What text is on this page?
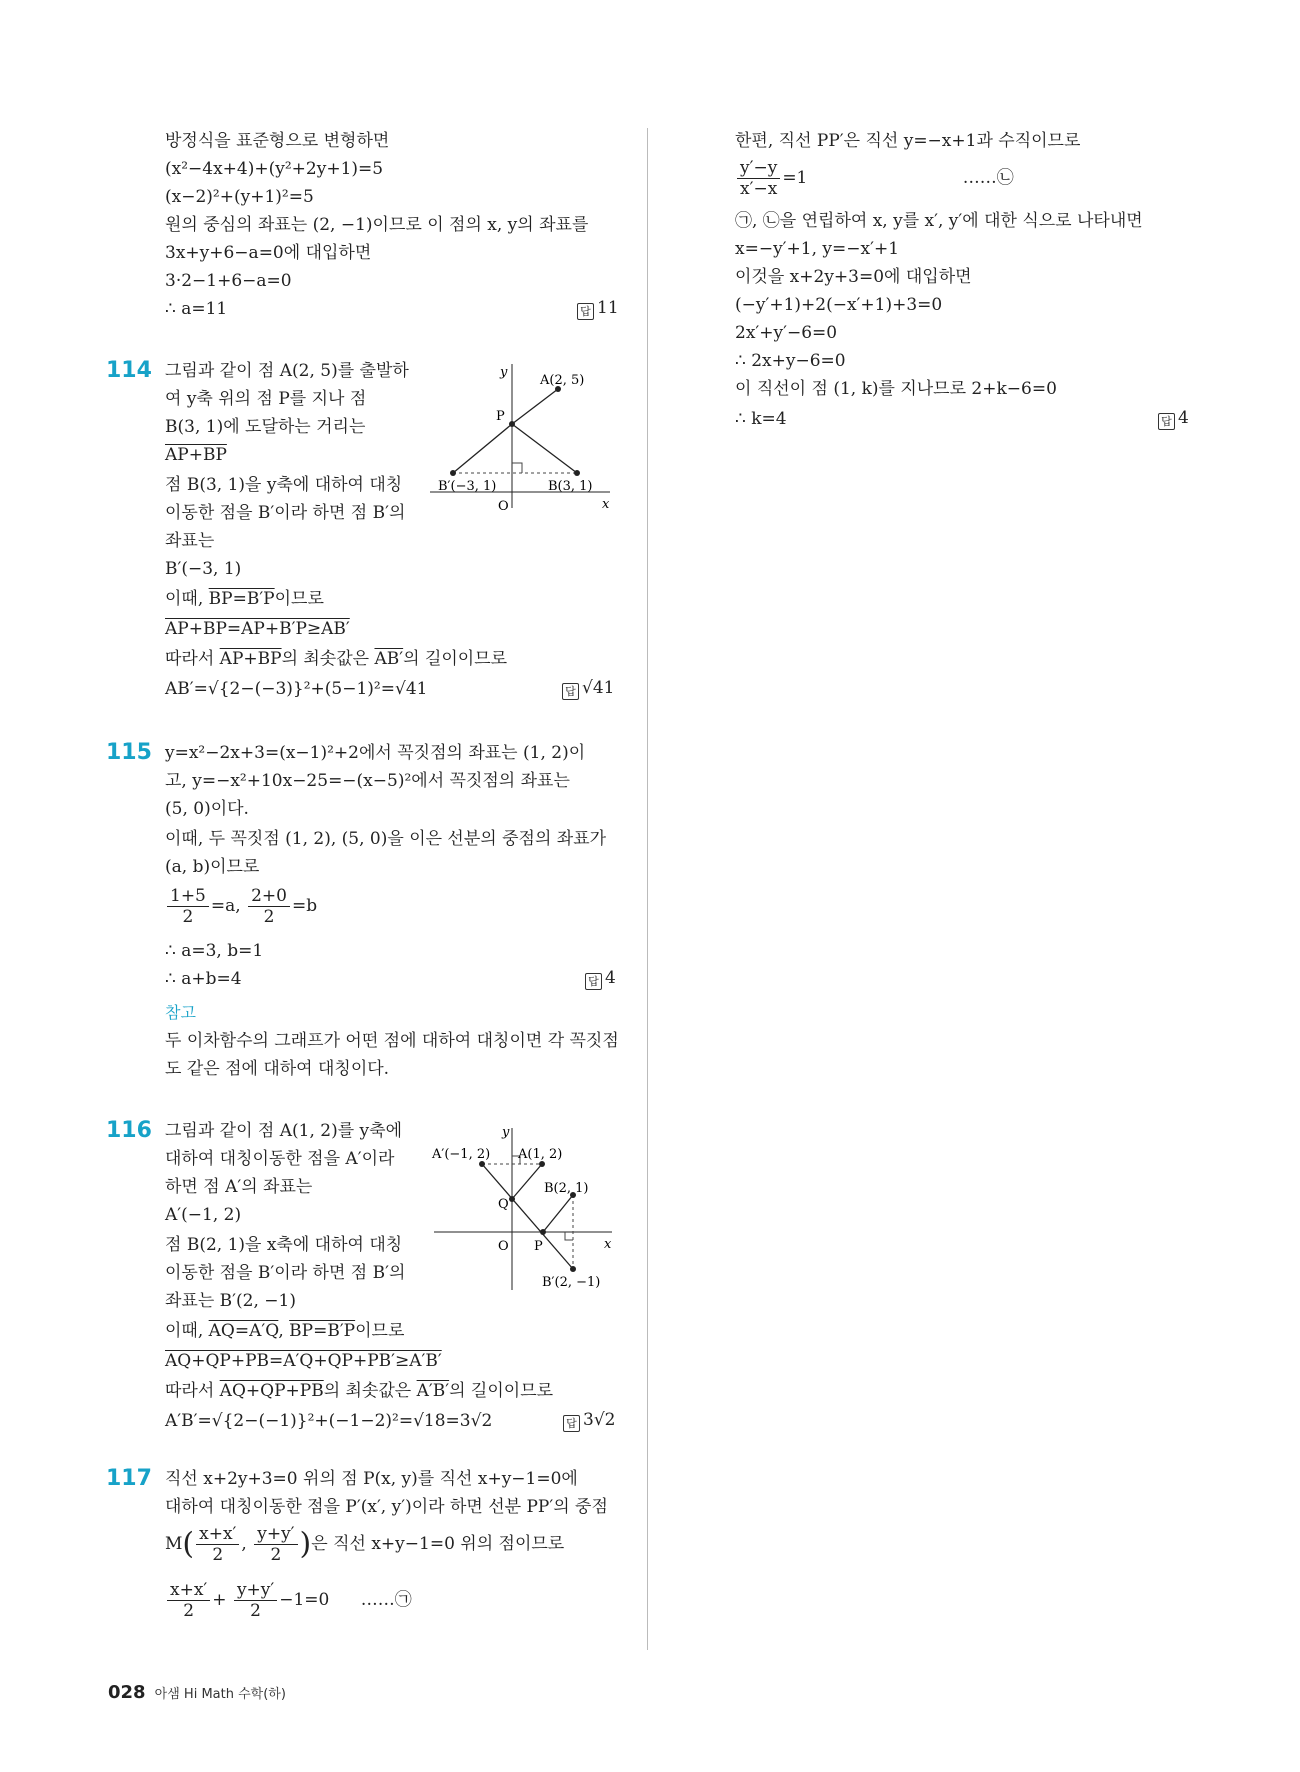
방정식을 표준형으로 변형하면
(x²−4x+4)+(y²+2y+1)=5
(x−2)²+(y+1)²=5
원의 중심의 좌표는 (2, −1)이므로 이 점의 x, y의 좌표를
3x+y+6−a=0에 대입하면
3·2−1+6−a=0
∴ a=11	답 11
114 그림과 같이 점 A(2, 5)를 출발하
여 y축 위의 점 P를 지나 점
B(3, 1)에 도달하는 거리는
AP+BP
점 B(3, 1)을 y축에 대하여 대칭
이동한 점을 B′이라 하면 점 B′의
좌표는
B′(−3, 1)
이때, BP=B′P이므로
AP+BP=AP+B′P≥AB′
따라서 AP+BP의 최솟값은 AB′의 길이이므로
AB′=√{2−(−3)}²+(5−1)²=√41	답 √41
y
x
O
A(2, 5)
P
B′(−3, 1)	B(3, 1)
115 y=x²−2x+3=(x−1)²+2에서 꼭짓점의 좌표는 (1, 2)이
고, y=−x²+10x−25=−(x−5)²에서 꼭짓점의 좌표는
(5, 0)이다.
이때, 두 꼭짓점 (1, 2), (5, 0)을 이은 선분의 중점의 좌표가
(a, b)이므로
$\frac{1+5}{2} =a$, $\frac{2+0}{2} =b$
∴ a=3, b=1
∴ a+b=4	답 4
참고
두 이차함수의 그래프가 어떤 점에 대하여 대칭이면 각 꼭짓점
도 같은 점에 대하여 대칭이다.
116 그림과 같이 점 A(1, 2)를 y축에
대하여 대칭이동한 점을 A′이라
하면 점 A′의 좌표는
A′(−1, 2)
점 B(2, 1)을 x축에 대하여 대칭
이동한 점을 B′이라 하면 점 B′의
좌표는 B′(2, −1)
이때, AQ=A′Q, BP=B′P이므로
AQ+QP+PB=A′Q+QP+PB′≥A′B′
따라서 AQ+QP+PB의 최솟값은 A′B′의 길이이므로
A′B′=√{2−(−1)}²+(−1−2)²=√18=3√2	답 3√2
y
x
O
A′(−1, 2) A(1, 2)
B(2, 1)
Q
P
B′(2, −1)
117 직선 x+2y+3=0 위의 점 P(x, y)를 직선 x+y−1=0에
대하여 대칭이동한 점을 P′(x′, y′)이라 하면 선분 PP′의 중점
$M( \frac{x+x'}{2}$ , $\frac{y+y'}{2}$ )은 직선 x+y−1=0 위의 점이므로
$\frac{x+x'}{2} + \frac{y+y'}{2} -1=0$ ……㉠
한편, 직선 PP′은 직선 y=−x+1과 수직이므로
$\frac{y'-y}{x'-x} =1$	……㉡
㉠, ㉡을 연립하여 x, y를 x′, y′에 대한 식으로 나타내면
x=−y′+1, y=−x′+1
이것을 x+2y+3=0에 대입하면
(−y′+1)+2(−x′+1)+3=0
2x′+y′−6=0
∴ 2x+y−6=0
이 직선이 점 (1, k)를 지나므로 2+k−6=0
∴ k=4	답 4
028 아샘 Hi Math 수학(하)
